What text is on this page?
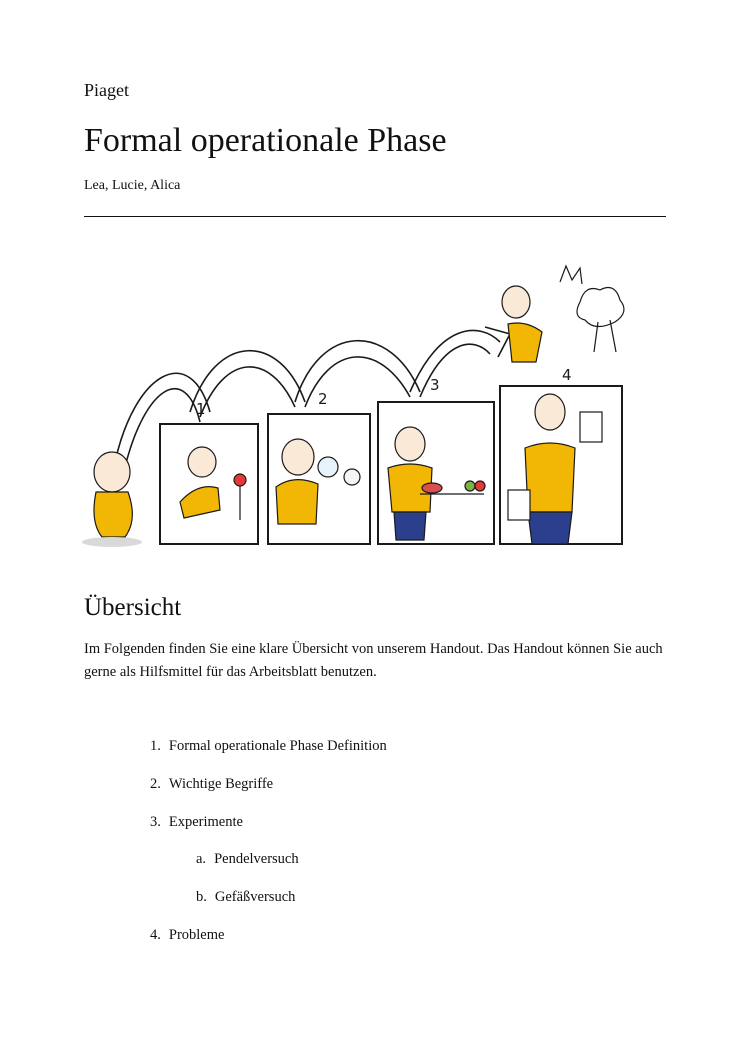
Piaget
Formal operationale Phase
Lea, Lucie, Alica
1
2
3
4
Übersicht

Im Folgenden finden Sie eine klare Übersicht von unserem Handout. Das Handout können Sie auch gerne als Hilfsmittel für das Arbeitsblatt benutzen.

1. Formal operationale Phase Definition
2. Wichtige Begriffe
3. Experimente
a. Pendelversuch
b. Gefäßversuch
4. Probleme
